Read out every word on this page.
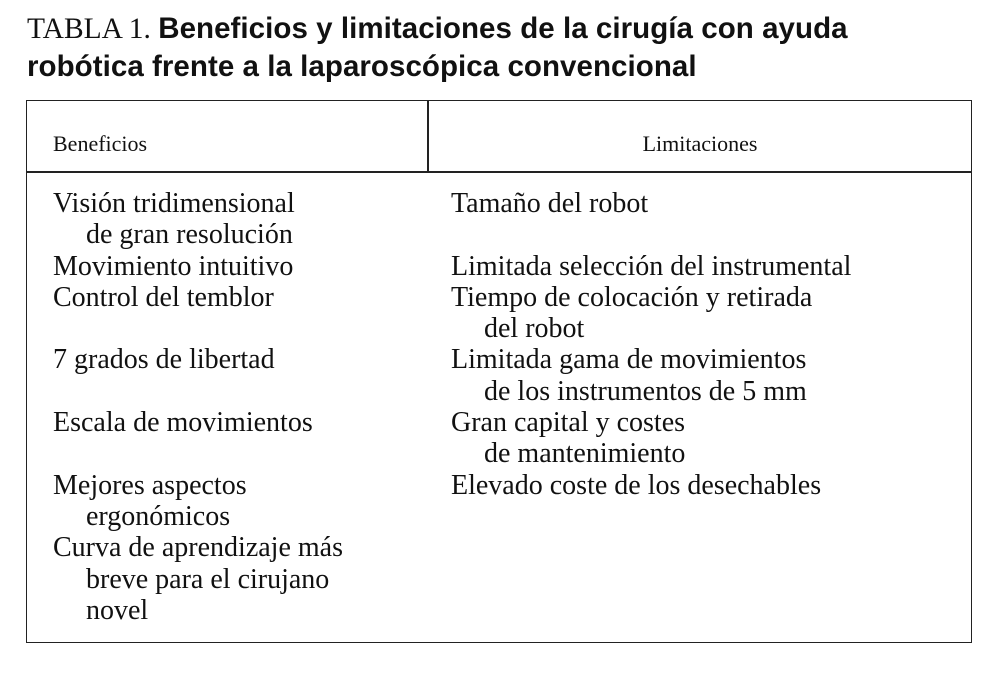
TABLA 1. Beneficios y limitaciones de la cirugía con ayuda
robótica frente a la laparoscópica convencional
Beneficios	Limitaciones
Visión tridimensional
de gran resolución
Movimiento intuitivo
Control del temblor
7 grados de libertad
Escala de movimientos
Mejores aspectos
ergonómicos
Curva de aprendizaje más
breve para el cirujano
novel
Tamaño del robot
Limitada selección del instrumental
Tiempo de colocación y retirada
del robot
Limitada gama de movimientos
de los instrumentos de 5 mm
Gran capital y costes
de mantenimiento
Elevado coste de los desechables
